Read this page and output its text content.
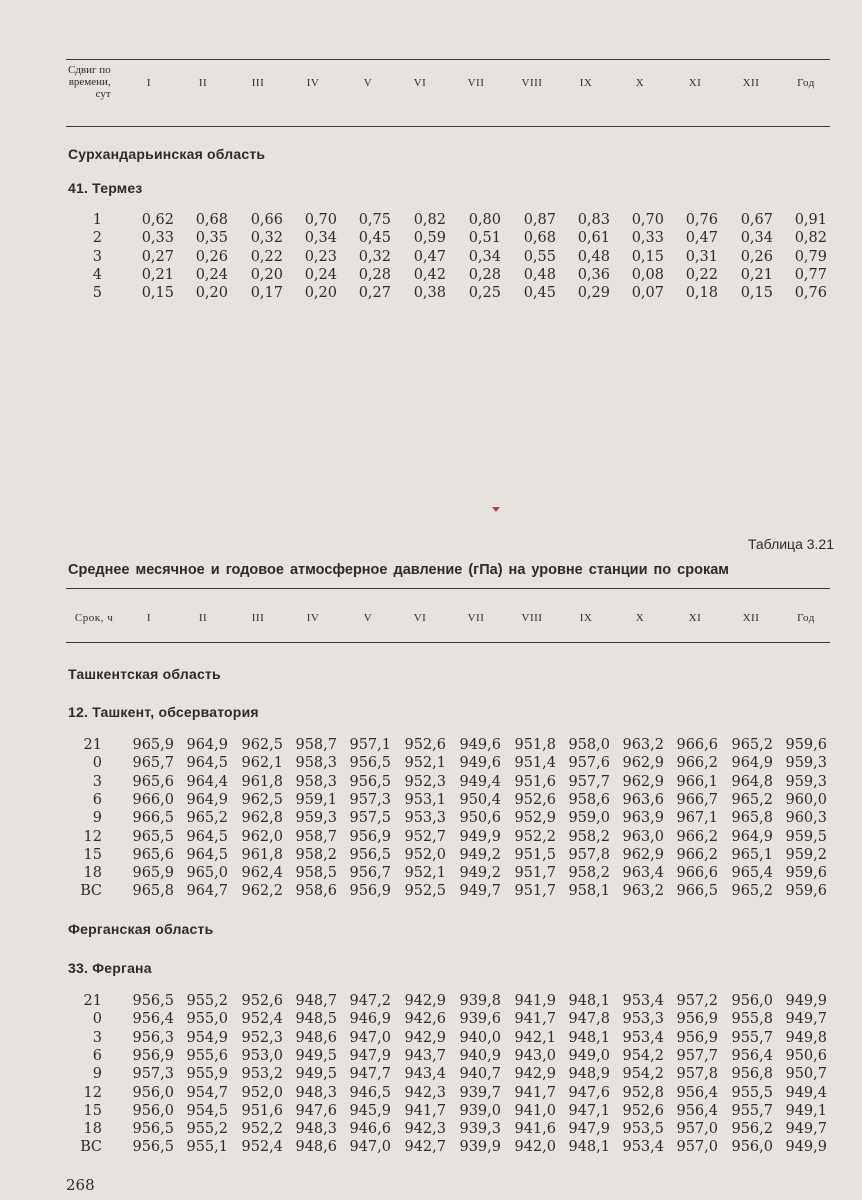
Сдвиг по
времени,
сут
I	II	III	IV	V	VI	VII	VIII	IX	X	XI	XII	Год
Сурхандарьинская область
41. Термез
1	0,62	0,68	0,66	0,70	0,75	0,82	0,80	0,87	0,83	0,70	0,76	0,67	0,91
2	0,33	0,35	0,32	0,34	0,45	0,59	0,51	0,68	0,61	0,33	0,47	0,34	0,82
3	0,27	0,26	0,22	0,23	0,32	0,47	0,34	0,55	0,48	0,15	0,31	0,26	0,79
4	0,21	0,24	0,20	0,24	0,28	0,42	0,28	0,48	0,36	0,08	0,22	0,21	0,77
5	0,15	0,20	0,17	0,20	0,27	0,38	0,25	0,45	0,29	0,07	0,18	0,15	0,76
Таблица 3.21
Среднее месячное и годовое атмосферное давление (гПа) на уровне станции по срокам
Срок, ч	I	II	III	IV	V	VI	VII	VIII	IX	X	XI	XII	Год
Ташкентская область
12. Ташкент, обсерватория
21	965,9 964,9 962,5 958,7 957,1 952,6 949,6 951,8 958,0 963,2 966,6 965,2 959,6
0	965,7 964,5 962,1 958,3 956,5 952,1 949,6 951,4 957,6 962,9 966,2 964,9 959,3
3	965,6 964,4 961,8 958,3 956,5 952,3 949,4 951,6 957,7 962,9 966,1 964,8 959,3
6	966,0 964,9 962,5 959,1 957,3 953,1 950,4 952,6 958,6 963,6 966,7 965,2 960,0
9	966,5 965,2 962,8 959,3 957,5 953,3 950,6 952,9 959,0 963,9 967,1 965,8 960,3
12	965,5 964,5 962,0 958,7 956,9 952,7 949,9 952,2 958,2 963,0 966,2 964,9 959,5
15	965,6 964,5 961,8 958,2 956,5 952,0 949,2 951,5 957,8 962,9 966,2 965,1 959,2
18	965,9 965,0 962,4 958,5 956,7 952,1 949,2 951,7 958,2 963,4 966,6 965,4 959,6
ВС	965,8 964,7 962,2 958,6 956,9 952,5 949,7 951,7 958,1 963,2 966,5 965,2 959,6
Ферганская область
33. Фергана
21	956,5 955,2 952,6 948,7 947,2 942,9 939,8 941,9 948,1 953,4 957,2 956,0 949,9
0	956,4 955,0 952,4 948,5 946,9 942,6 939,6 941,7 947,8 953,3 956,9 955,8 949,7
3	956,3 954,9 952,3 948,6 947,0 942,9 940,0 942,1 948,1 953,4 956,9 955,7 949,8
6	956,9 955,6 953,0 949,5 947,9 943,7 940,9 943,0 949,0 954,2 957,7 956,4 950,6
9	957,3 955,9 953,2 949,5 947,7 943,4 940,7 942,9 948,9 954,2 957,8 956,8 950,7
12	956,0 954,7 952,0 948,3 946,5 942,3 939,7 941,7 947,6 952,8 956,4 955,5 949,4
15	956,0 954,5 951,6 947,6 945,9 941,7 939,0 941,0 947,1 952,6 956,4 955,7 949,1
18	956,5 955,2 952,2 948,3 946,6 942,3 939,3 941,6 947,9 953,5 957,0 956,2 949,7
ВС	956,5 955,1 952,4 948,6 947,0 942,7 939,9 942,0 948,1 953,4 957,0 956,0 949,9
268
